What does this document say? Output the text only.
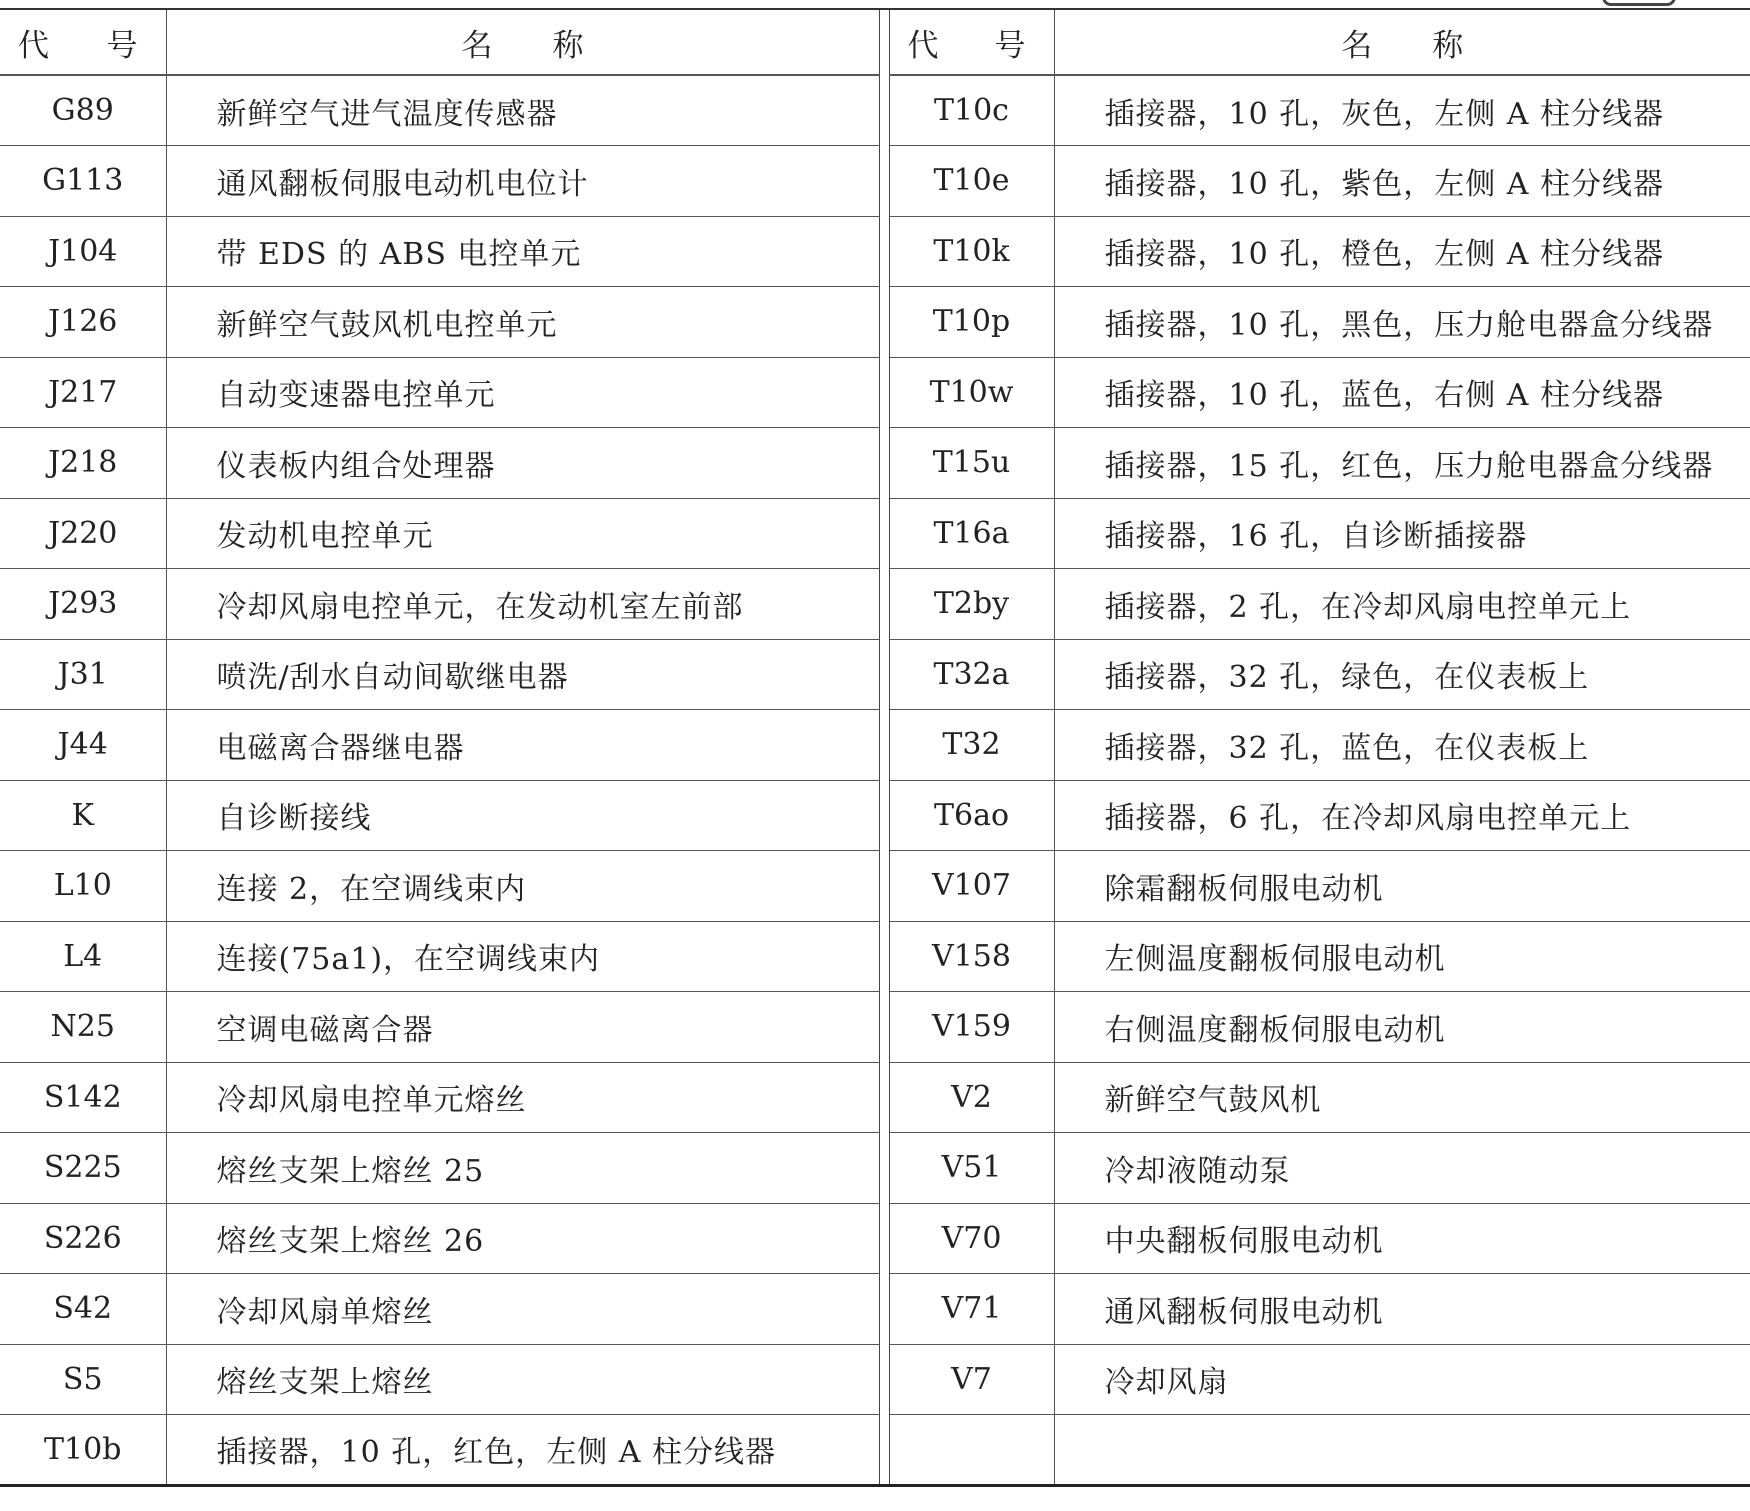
代 号	名 称		代 号	名 称

G89	新鲜空气进气温度传感器		T10c	插接器，10 孔，灰色，左侧 A 柱分线器
G113	通风翻板伺服电动机电位计		T10e	插接器，10 孔，紫色，左侧 A 柱分线器
J104	带 EDS 的 ABS 电控单元		T10k	插接器，10 孔，橙色，左侧 A 柱分线器
J126	新鲜空气鼓风机电控单元		T10p	插接器，10 孔，黑色，压力舱电器盒分线器
J217	自动变速器电控单元		T10w	插接器，10 孔，蓝色，右侧 A 柱分线器
J218	仪表板内组合处理器		T15u	插接器，15 孔，红色，压力舱电器盒分线器
J220	发动机电控单元		T16a	插接器，16 孔，自诊断插接器
J293	冷却风扇电控单元，在发动机室左前部		T2by	插接器，2 孔，在冷却风扇电控单元上
J31	喷洗/刮水自动间歇继电器		T32a	插接器，32 孔，绿色，在仪表板上
J44	电磁离合器继电器		T32	插接器，32 孔，蓝色，在仪表板上
K	自诊断接线		T6ao	插接器，6 孔，在冷却风扇电控单元上
L10	连接 2，在空调线束内		V107	除霜翻板伺服电动机
L4	连接(75a1)，在空调线束内		V158	左侧温度翻板伺服电动机
N25	空调电磁离合器		V159	右侧温度翻板伺服电动机
S142	冷却风扇电控单元熔丝		V2	新鲜空气鼓风机
S225	熔丝支架上熔丝 25		V51	冷却液随动泵
S226	熔丝支架上熔丝 26		V70	中央翻板伺服电动机
S42	冷却风扇单熔丝		V71	通风翻板伺服电动机
S5	熔丝支架上熔丝		V7	冷却风扇
T10b	插接器，10 孔，红色，左侧 A 柱分线器			
